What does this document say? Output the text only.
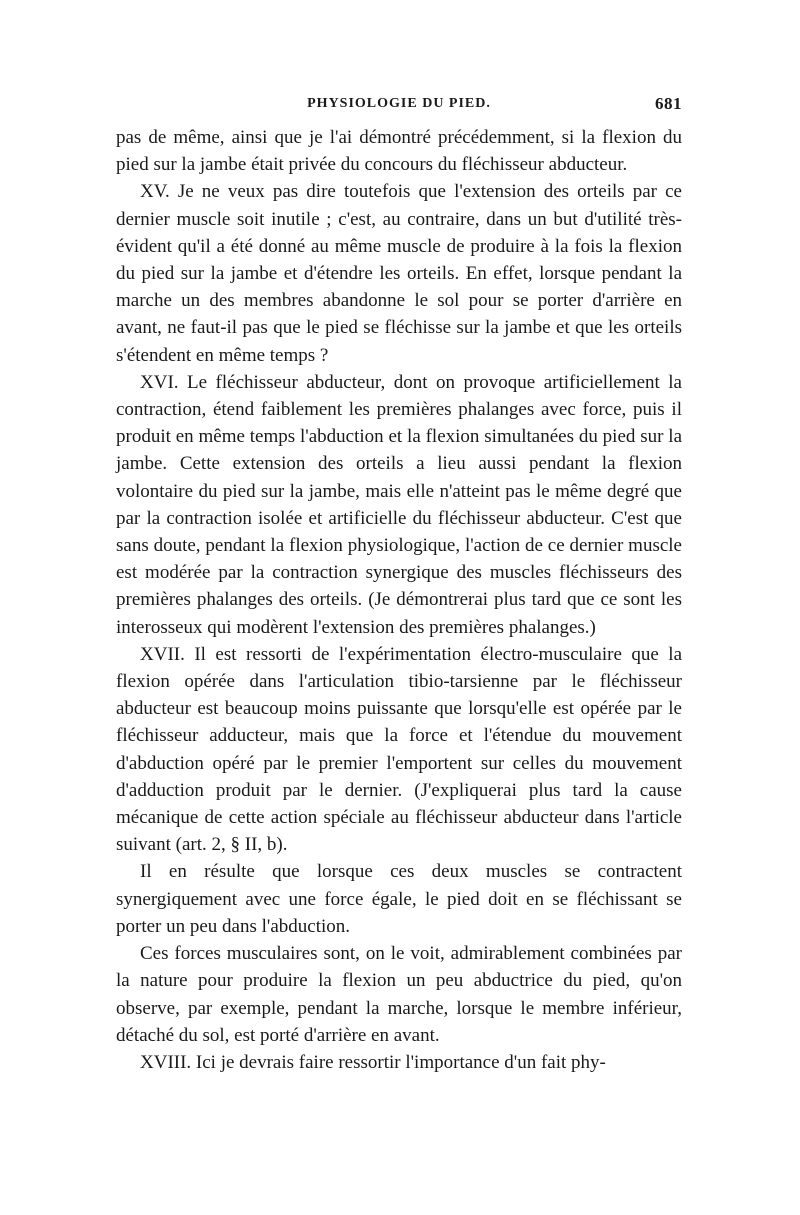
PHYSIOLOGIE DU PIED.	681

pas de même, ainsi que je l'ai démontré précédemment, si la flexion du pied sur la jambe était privée du concours du fléchisseur abducteur.

XV. Je ne veux pas dire toutefois que l'extension des orteils par ce dernier muscle soit inutile ; c'est, au contraire, dans un but d'utilité très-évident qu'il a été donné au même muscle de produire à la fois la flexion du pied sur la jambe et d'étendre les orteils. En effet, lorsque pendant la marche un des membres abandonne le sol pour se porter d'arrière en avant, ne faut-il pas que le pied se fléchisse sur la jambe et que les orteils s'étendent en même temps ?

XVI. Le fléchisseur abducteur, dont on provoque artificiellement la contraction, étend faiblement les premières phalanges avec force, puis il produit en même temps l'abduction et la flexion simultanées du pied sur la jambe. Cette extension des orteils a lieu aussi pendant la flexion volontaire du pied sur la jambe, mais elle n'atteint pas le même degré que par la contraction isolée et artificielle du fléchisseur abducteur. C'est que sans doute, pendant la flexion physiologique, l'action de ce dernier muscle est modérée par la contraction synergique des muscles fléchisseurs des premières phalanges des orteils. (Je démontrerai plus tard que ce sont les interosseux qui modèrent l'extension des premières phalanges.)

XVII. Il est ressorti de l'expérimentation électro-musculaire que la flexion opérée dans l'articulation tibio-tarsienne par le fléchisseur abducteur est beaucoup moins puissante que lorsqu'elle est opérée par le fléchisseur adducteur, mais que la force et l'étendue du mouvement d'abduction opéré par le premier l'emportent sur celles du mouvement d'adduction produit par le dernier. (J'expliquerai plus tard la cause mécanique de cette action spéciale au fléchisseur abducteur dans l'article suivant (art. 2, § II, b).

Il en résulte que lorsque ces deux muscles se contractent synergiquement avec une force égale, le pied doit en se fléchissant se porter un peu dans l'abduction.

Ces forces musculaires sont, on le voit, admirablement combinées par la nature pour produire la flexion un peu abductrice du pied, qu'on observe, par exemple, pendant la marche, lorsque le membre inférieur, détaché du sol, est porté d'arrière en avant.

XVIII. Ici je devrais faire ressortir l'importance d'un fait phy-
